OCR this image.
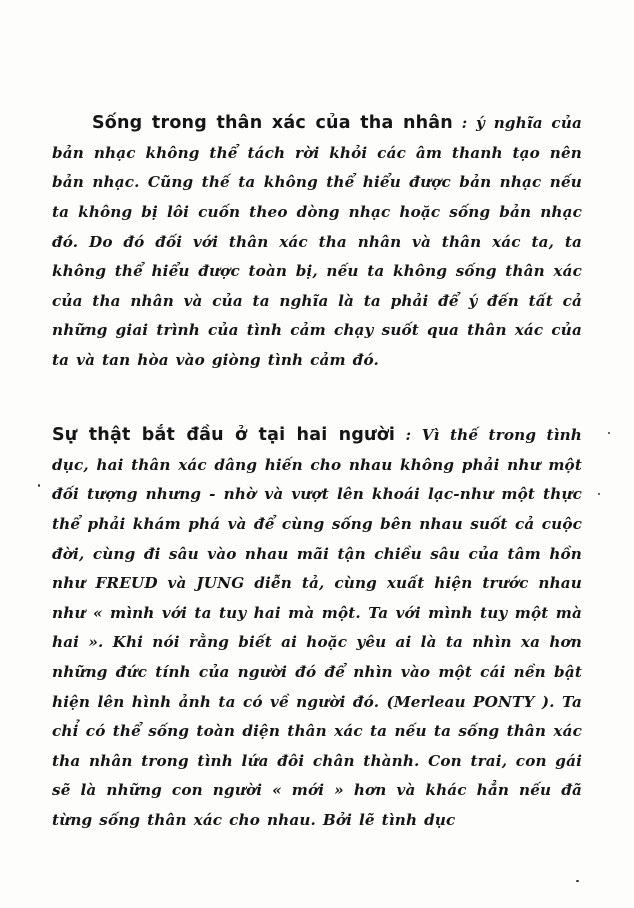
Sống trong thân xác của tha nhân : ý nghĩa của bản nhạc không thể tách rời khỏi các âm thanh tạo nên bản nhạc. Cũng thế ta không thể hiểu được bản nhạc nếu ta không bị lôi cuốn theo dòng nhạc hoặc sống bản nhạc đó. Do đó đối với thân xác tha nhân và thân xác ta, ta không thể hiểu được toàn bị, nếu ta không sống thân xác của tha nhân và của ta nghĩa là ta phải để ý đến tất cả những giai trình của tình cảm chạy suốt qua thân xác của ta và tan hòa vào giòng tình cảm đó.

Sự thật bắt đầu ở tại hai người : Vì thế trong tình dục, hai thân xác dâng hiến cho nhau không phải như một đối tượng nhưng - nhờ và vượt lên khoái lạc-như một thực thể phải khám phá và để cùng sống bên nhau suốt cả cuộc đời, cùng đi sâu vào nhau mãi tận chiều sâu của tâm hồn như FREUD và JUNG diễn tả, cùng xuất hiện trước nhau như « mình với ta tuy hai mà một. Ta với mình tuy một mà hai ». Khi nói rằng biết ai hoặc yêu ai là ta nhìn xa hơn những đức tính của người đó để nhìn vào một cái nền bật hiện lên hình ảnh ta có về người đó. (Merleau PONTY ). Ta chỉ có thể sống toàn diện thân xác ta nếu ta sống thân xác tha nhân trong tình lứa đôi chân thành. Con trai, con gái sẽ là những con người « mới » hơn và khác hẳn nếu đã từng sống thân xác cho nhau. Bởi lẽ tình dục
